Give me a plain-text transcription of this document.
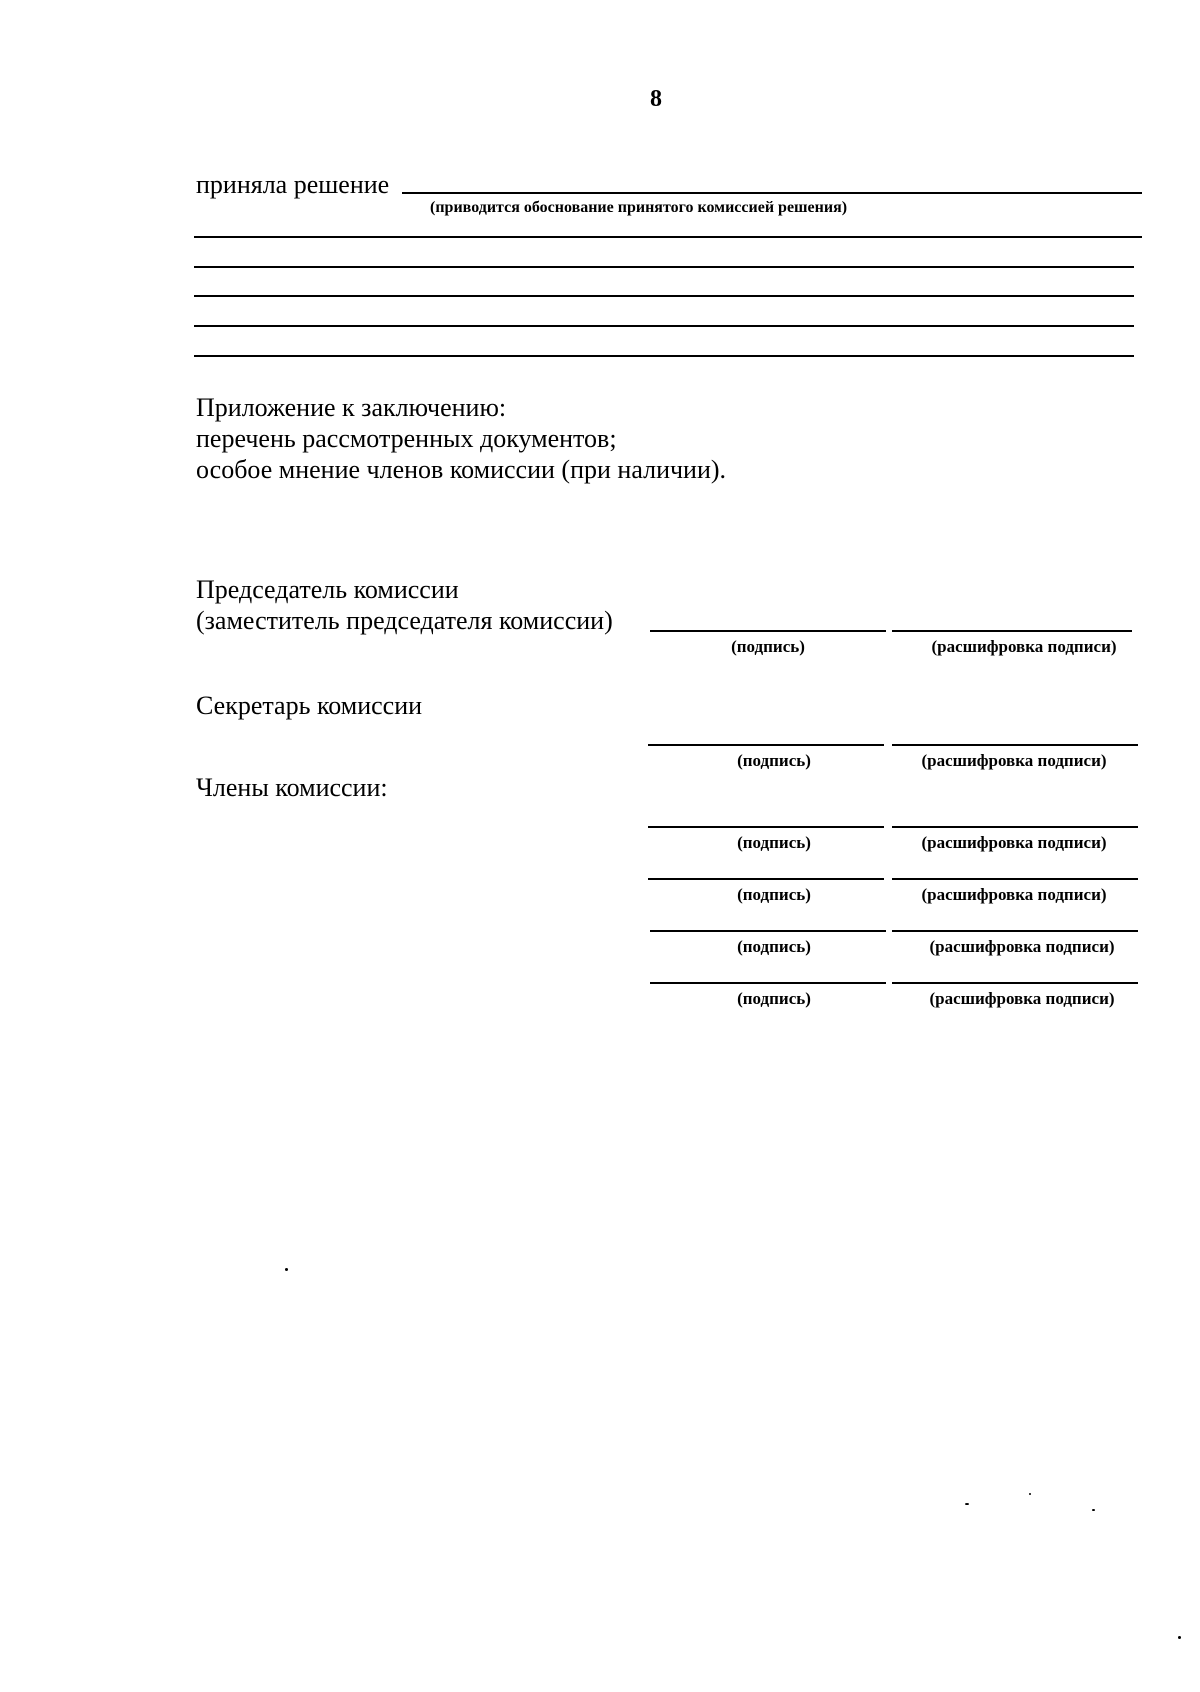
8
приняла решение
(приводится обоснование принятого комиссией решения)
Приложение к заключению:
перечень рассмотренных документов;
особое мнение членов комиссии (при наличии).
Председатель комиссии
(заместитель председателя комиссии)
(подпись)	(расшифровка подписи)
Секретарь комиссии
(подпись)	(расшифровка подписи)
Члены комиссии:
(подпись)	(расшифровка подписи)
(подпись)	(расшифровка подписи)
(подпись)	(расшифровка подписи)
(подпись)	(расшифровка подписи)
